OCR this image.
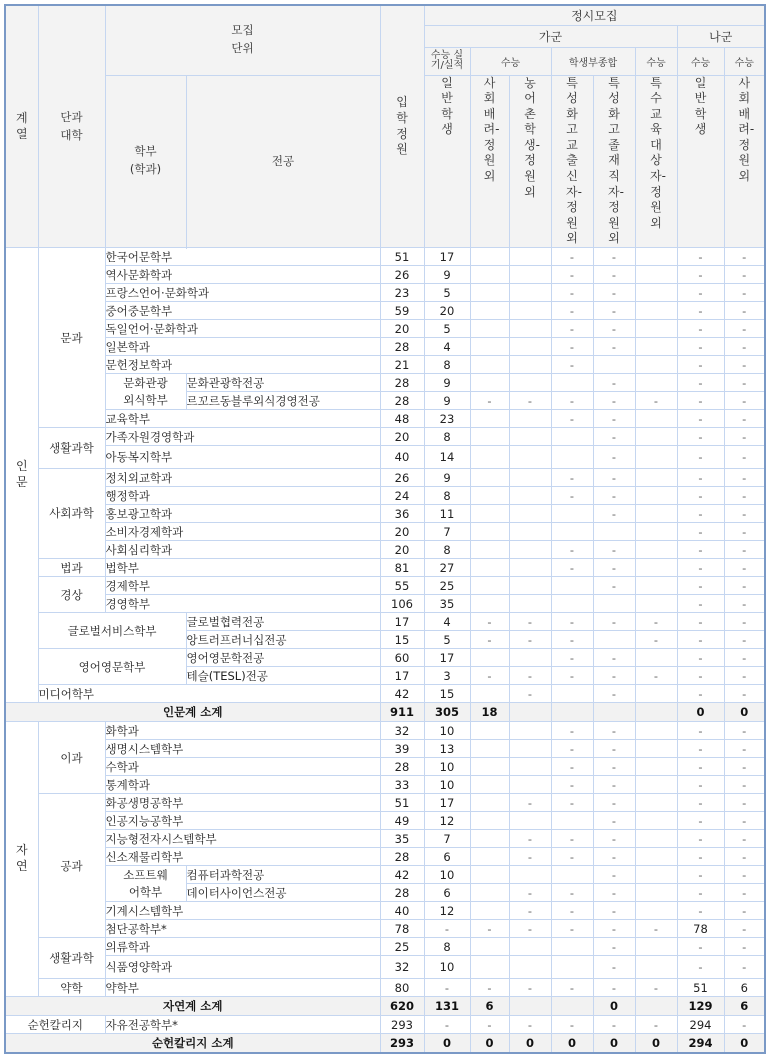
계열	단과대학	모집단위		입학정원	정시모집							
					가군						나군	
					수능 실기/실적	수능		학생부종합		수능	수능	수능
		학부(학과)	전공		일반학생	사회배려-정원외	농어촌학생-정원외	특성화고교출신자-정원외	특성화고졸재직자-정원외	특수교육대상자-정원외	일반학생	사회배려-정원외

인문	문과	한국어문학부		51	17			-	-		-	-
		역사문화학과		26	9			-	-		-	-
		프랑스언어·문화학과		23	5			-	-		-	-
		중어중문학부		59	20			-	-		-	-
		독일언어·문화학과		20	5			-	-		-	-
		일본학과		28	4			-	-		-	-
		문헌정보학과		21	8			-			-	-
		문화관광외식학부	문화관광학전공	28	9				-		-	-
			르꼬르동블루외식경영전공	28	9	-	-	-	-	-	-	-
		교육학부		48	23			-	-		-	-
	생활과학	가족자원경영학과		20	8				-		-	-
		아동복지학부		40	14				-		-	-
	사회과학	정치외교학과		26	9			-	-		-	-
		행정학과		24	8			-	-		-	-
		홍보광고학과		36	11				-		-	-
		소비자경제학과		20	7						-	-
		사회심리학과		20	8			-	-		-	-
	법과	법학부		81	27			-	-		-	-
	경상	경제학부		55	25				-		-	-
		경영학부		106	35						-	-
	글로벌서비스학부		글로벌협력전공	17	4	-	-	-	-	-	-	-
			앙트러프러너십전공	15	5	-	-	-		-	-	-
	영어영문학부		영어영문학전공	60	17			-	-		-	-
			테슬(TESL)전공	17	3	-	-	-	-	-	-	-
	미디어학부			42	15		-		-		-	-
인문계 소계				911	305	18					0	0
자연	이과	화학과		32	10			-	-		-	-
		생명시스템학부		39	13			-	-		-	-
		수학과		28	10			-	-		-	-
		통계학과		33	10			-	-		-	-
	공과	화공생명공학부		51	17		-	-	-		-	-
		인공지능공학부		49	12				-		-	-
		지능형전자시스템학부		35	7		-	-	-		-	-
		신소재물리학부		28	6		-	-	-		-	-
		소프트웨어학부	컴퓨터과학전공	42	10				-		-	-
			데이터사이언스전공	28	6		-	-	-		-	-
		기계시스템학부		40	12		-	-	-		-	-
		첨단공학부*		78	-	-	-	-	-	-	78	-
	생활과학	의류학과		25	8				-		-	-
		식품영양학과		32	10				-		-	-
	약학	약학부		80	-	-	-	-	-	-	51	6
자연계 소계				620	131	6			0		129	6
순헌칼리지		자유전공학부*		293	-	-	-	-	-	-	294	-
순헌칼리지 소계				293	0	0	0	0	0	0	294	0
